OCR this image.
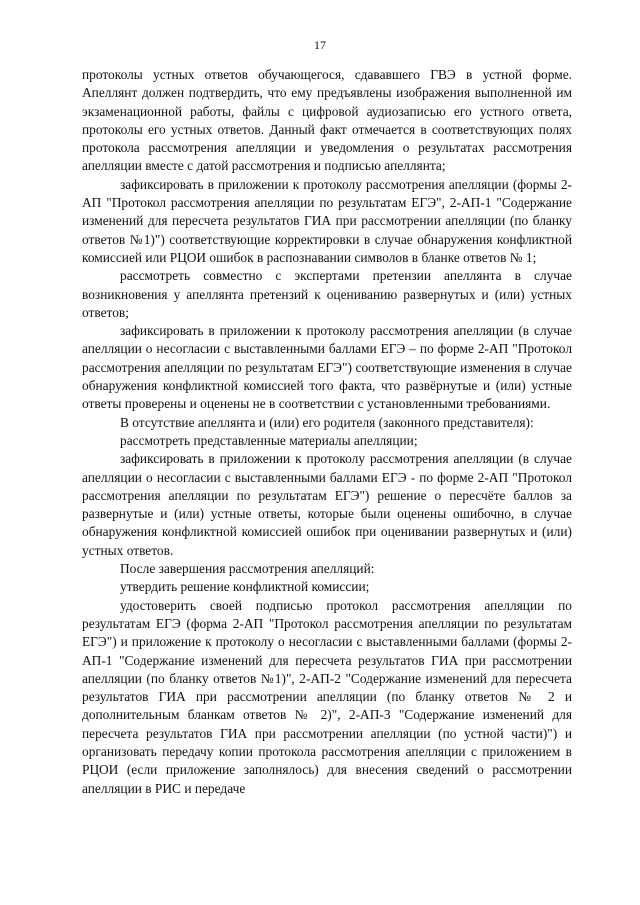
17

протоколы устных ответов обучающегося, сдававшего ГВЭ в устной форме. Апеллянт должен подтвердить, что ему предъявлены изображения выполненной им экзаменационной работы, файлы с цифровой аудиозаписью его устного ответа, протоколы его устных ответов. Данный факт отмечается в соответствующих полях протокола рассмотрения апелляции и уведомления о результатах рассмотрения апелляции вместе с датой рассмотрения и подписью апеллянта;

зафиксировать в приложении к протоколу рассмотрения апелляции (формы 2-АП "Протокол рассмотрения апелляции по результатам ЕГЭ", 2-АП-1 "Содержание изменений для пересчета результатов ГИА при рассмотрении апелляции (по бланку ответов №1)") соответствующие корректировки в случае обнаружения конфликтной комиссией или РЦОИ ошибок в распознавании символов в бланке ответов № 1;

рассмотреть совместно с экспертами претензии апеллянта в случае возникновения у апеллянта претензий к оцениванию развернутых и (или) устных ответов;

зафиксировать в приложении к протоколу рассмотрения апелляции (в случае апелляции о несогласии с выставленными баллами ЕГЭ – по форме 2-АП "Протокол рассмотрения апелляции по результатам ЕГЭ") соответствующие изменения в случае обнаружения конфликтной комиссией того факта, что развёрнутые и (или) устные ответы проверены и оценены не в соответствии с установленными требованиями.

В отсутствие апеллянта и (или) его родителя (законного представителя):

рассмотреть представленные материалы апелляции;

зафиксировать в приложении к протоколу рассмотрения апелляции (в случае апелляции о несогласии с выставленными баллами ЕГЭ - по форме 2-АП "Протокол рассмотрения апелляции по результатам ЕГЭ") решение о пересчёте баллов за развернутые и (или) устные ответы, которые были оценены ошибочно, в случае обнаружения конфликтной комиссией ошибок при оценивании развернутых и (или) устных ответов.

После завершения рассмотрения апелляций:

утвердить решение конфликтной комиссии;

удостоверить своей подписью протокол рассмотрения апелляции по результатам ЕГЭ (форма 2-АП "Протокол рассмотрения апелляции по результатам ЕГЭ") и приложение к протоколу о несогласии с выставленными баллами (формы 2-АП-1 "Содержание изменений для пересчета результатов ГИА при рассмотрении апелляции (по бланку ответов №1)", 2-АП-2 "Содержание изменений для пересчета результатов ГИА при рассмотрении апелляции (по бланку ответов № 2 и дополнительным бланкам ответов № 2)", 2-АП-3 "Содержание изменений для пересчета результатов ГИА при рассмотрении апелляции (по устной части)") и организовать передачу копии протокола рассмотрения апелляции с приложением в РЦОИ (если приложение заполнялось) для внесения сведений о рассмотрении апелляции в РИС и передаче
